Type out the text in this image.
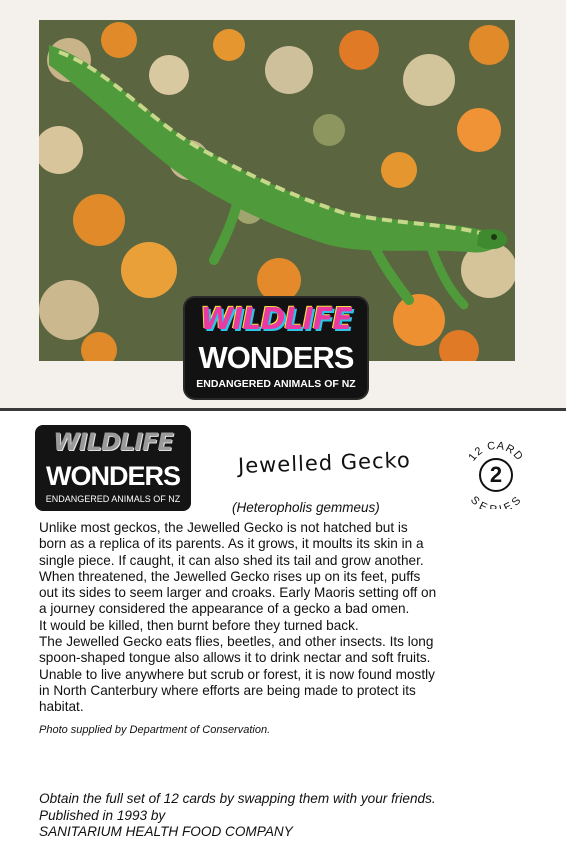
WILDLIFE
WONDERS
ENDANGERED ANIMALS OF NZ
WILDLIFE
WONDERS
ENDANGERED ANIMALS OF NZ
Jewelled Gecko
(Heteropholis gemmeus)
12 CARD
SE ES
2

Unlike most geckos, the Jewelled Gecko is not hatched but is

born as a replica of its parents. As it grows, it moults its skin in a

single piece. If caught, it can also shed its tail and grow another.

When threatened, the Jewelled Gecko rises up on its feet, puffs

out its sides to seem larger and croaks. Early Maoris setting off on

a journey considered the appearance of a gecko a bad omen.

It would be killed, then burnt before they turned back.

The Jewelled Gecko eats flies, beetles, and other insects. Its long

spoon-shaped tongue also allows it to drink nectar and soft fruits.

Unable to live anywhere but scrub or forest, it is now found mostly

in North Canterbury where efforts are being made to protect its

habitat.

Photo supplied by Department of Conservation.
Obtain the full set of 12 cards by swapping them with your friends.
Published in 1993 by
SANITARIUM HEALTH FOOD COMPANY
